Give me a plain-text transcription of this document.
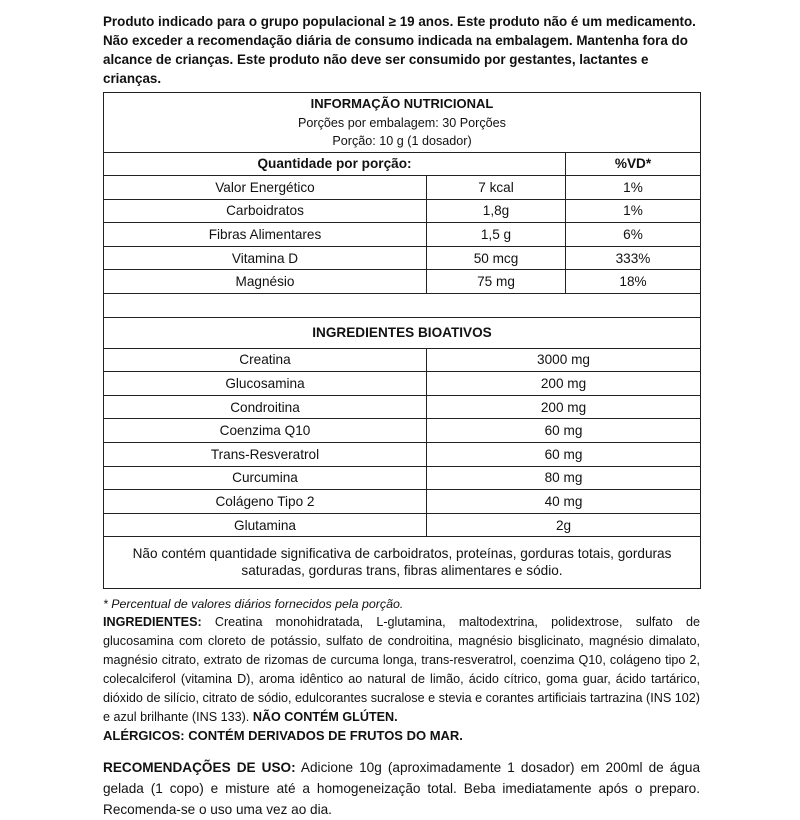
Produto indicado para o grupo populacional ≥ 19 anos. Este produto não é um medicamento. Não exceder a recomendação diária de consumo indicada na embalagem. Mantenha fora do alcance de crianças. Este produto não deve ser consumido por gestantes, lactantes e crianças.

INFORMAÇÃO NUTRICIONAL
Porções por embalagem: 30 Porções
Porção: 10 g (1 dosador)		

Quantidade por porção:		%VD*
Valor Energético	7 kcal	1%
Carboidratos	1,8g	1%
Fibras Alimentares	1,5 g	6%
Vitamina D	50 mcg	333%
Magnésio	75 mg	18%

INGREDIENTES BIOATIVOS		
Creatina	3000 mg	
Glucosamina	200 mg	
Condroitina	200 mg	
Coenzima Q10	60 mg	
Trans-Resveratrol	60 mg	
Curcumina	80 mg	
Colágeno Tipo 2	40 mg	
Glutamina	2g	
Não contém quantidade significativa de carboidratos, proteínas, gorduras totais, gorduras saturadas, gorduras trans, fibras alimentares e sódio.		

* Percentual de valores diários fornecidos pela porção.

INGREDIENTES: Creatina monohidratada, L-glutamina, maltodextrina, polidextrose, sulfato de glucosamina com cloreto de potássio, sulfato de condroitina, magnésio bisglicinato, magnésio dimalato, magnésio citrato, extrato de rizomas de curcuma longa, trans-resveratrol, coenzima Q10, colágeno tipo 2, colecalciferol (vitamina D), aroma idêntico ao natural de limão, ácido cítrico, goma guar, ácido tartárico, dióxido de silício, citrato de sódio, edulcorantes sucralose e stevia e corantes artificiais tartrazina (INS 102) e azul brilhante (INS 133). NÃO CONTÉM GLÚTEN.

ALÉRGICOS: CONTÉM DERIVADOS DE FRUTOS DO MAR.

RECOMENDAÇÕES DE USO: Adicione 10g (aproximadamente 1 dosador) em 200ml de água gelada (1 copo) e misture até a homogeneização total. Beba imediatamente após o preparo. Recomenda-se o uso uma vez ao dia.
